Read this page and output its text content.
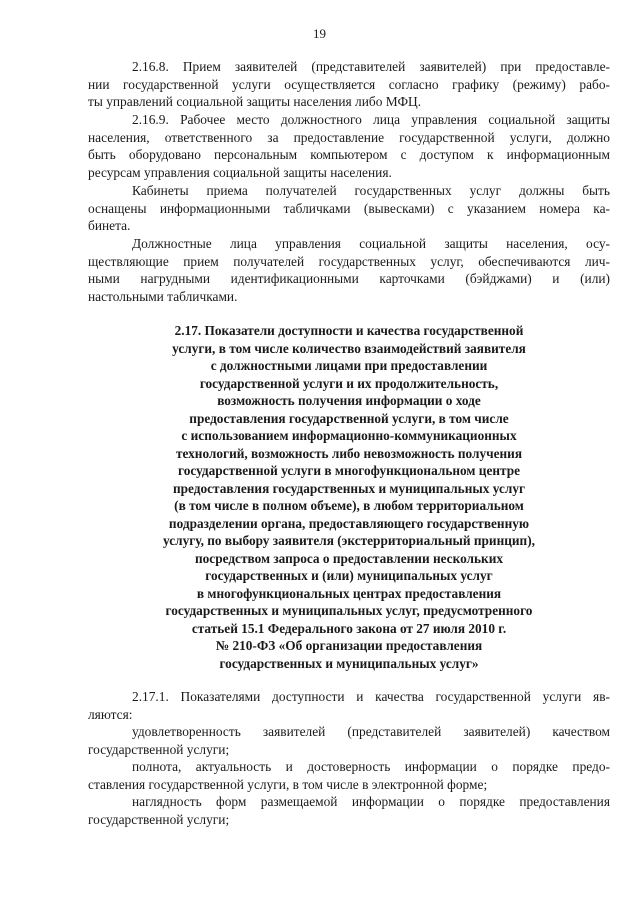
19
2.16.8. Прием заявителей (представителей заявителей) при предоставле-
нии государственной услуги осуществляется согласно графику (режиму) рабо-
ты управлений социальной защиты населения либо МФЦ.
2.16.9. Рабочее место должностного лица управления социальной защиты
населения, ответственного за предоставление государственной услуги, должно
быть оборудовано персональным компьютером с доступом к информационным
ресурсам управления социальной защиты населения.
Кабинеты приема получателей государственных услуг должны быть
оснащены информационными табличками (вывесками) с указанием номера ка-
бинета.
Должностные лица управления социальной защиты населения, осу-
ществляющие прием получателей государственных услуг, обеспечиваются лич-
ными нагрудными идентификационными карточками (бэйджами) и (или)
настольными табличками.
2.17. Показатели доступности и качества государственной
услуги, в том числе количество взаимодействий заявителя
с должностными лицами при предоставлении
государственной услуги и их продолжительность,
возможность получения информации о ходе
предоставления государственной услуги, в том числе
с использованием информационно-коммуникационных
технологий, возможность либо невозможность получения
государственной услуги в многофункциональном центре
предоставления государственных и муниципальных услуг
(в том числе в полном объеме), в любом территориальном
подразделении органа, предоставляющего государственную
услугу, по выбору заявителя (экстерриториальный принцип),
посредством запроса о предоставлении нескольких
государственных и (или) муниципальных услуг
в многофункциональных центрах предоставления
государственных и муниципальных услуг, предусмотренного
статьей 15.1 Федерального закона от 27 июля 2010 г.
№ 210-ФЗ «Об организации предоставления
государственных и муниципальных услуг»
2.17.1. Показателями доступности и качества государственной услуги яв-
ляются:
удовлетворенность заявителей (представителей заявителей) качеством
государственной услуги;
полнота, актуальность и достоверность информации о порядке предо-
ставления государственной услуги, в том числе в электронной форме;
наглядность форм размещаемой информации о порядке предоставления
государственной услуги;
